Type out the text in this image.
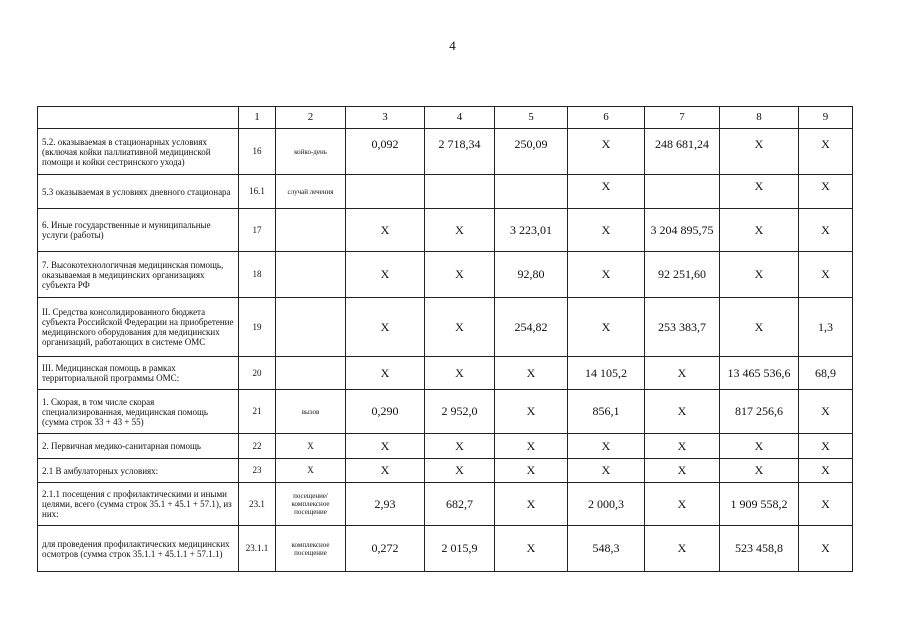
4
	1	2	3	4	5	6	7	8	9
5.2. оказываемая в стационарных условиях (включая койки паллиативной медицинской помощи и койки сестринского ухода)	16	койко-день	0,092	2 718,34	250,09	X	248 681,24	X	X
5.3 оказываемая в условиях дневного стационара	16.1	случай лечения				X		X	X
6. Иные государственные и муниципальные услуги (работы)	17		X	X	3 223,01	X	3 204 895,75	X	X
7. Высокотехнологичная медицинская помощь, оказываемая в медицинских организациях субъекта РФ	18		X	X	92,80	X	92 251,60	X	X
II. Средства консолидированного бюджета субъекта Российской Федерации на приобретение медицинского оборудования для медицинских организаций, работающих в системе ОМС	19		X	X	254,82	X	253 383,7	X	1,3
III. Медицинская помощь в рамках территориальной программы ОМС:	20		X	X	X	14 105,2	X	13 465 536,6	68,9
1. Скорая, в том числе скорая специализированная, медицинская помощь (сумма строк 33 + 43 + 55)	21	вызов	0,290	2 952,0	X	856,1	X	817 256,6	X
2. Первичная медико-санитарная помощь	22	X	X	X	X	X	X	X	X
2.1 В амбулаторных условиях:	23	X	X	X	X	X	X	X	X
2.1.1 посещения с профилактическими и иными целями, всего (сумма строк 35.1 + 45.1 + 57.1), из них:	23.1	посещение/ комплексное посещение	2,93	682,7	X	2 000,3	X	1 909 558,2	X
для проведения профилактических медицинских осмотров (сумма строк 35.1.1 + 45.1.1 + 57.1.1)	23.1.1	комплексное посещение	0,272	2 015,9	X	548,3	X	523 458,8	X
